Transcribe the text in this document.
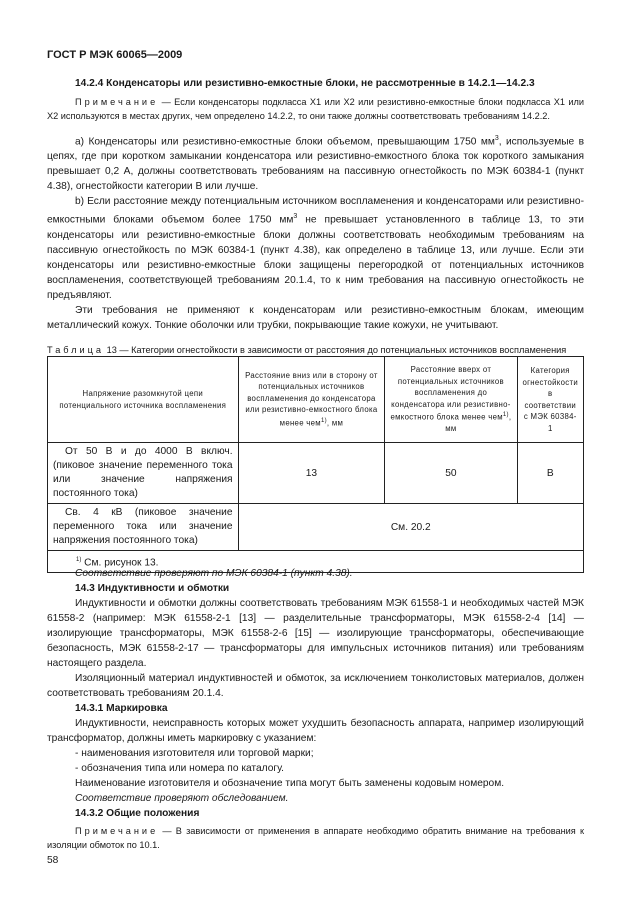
ГОСТ Р МЭК 60065—2009

14.2.4 Конденсаторы или резистивно-емкостные блоки, не рассмотренные в 14.2.1—14.2.3

Примечание — Если конденсаторы подкласса X1 или X2 или резистивно-емкостные блоки подкласса X1 или X2 используются в местах других, чем определено 14.2.2, то они также должны соответствовать требованиям 14.2.2.

а) Конденсаторы или резистивно-емкостные блоки объемом, превышающим 1750 $мм^3$, используемые в цепях, где при коротком замыкании конденсатора или резистивно-емкостного блока ток короткого замыкания превышает 0,2 А, должны соответствовать требованиям на пассивную огнестойкость по МЭК 60384-1 (пункт 4.38), огнестойкости категории В или лучше.

b) Если расстояние между потенциальным источником воспламенения и конденсаторами или резистивно-емкостными блоками объемом более 1750 $мм^3$ не превышает установленного в таблице 13, то эти конденсаторы или резистивно-емкостные блоки должны соответствовать необходимым требованиям на пассивную огнестойкость по МЭК 60384-1 (пункт 4.38), как определено в таблице 13, или лучше. Если эти конденсаторы или резистивно-емкостные блоки защищены перегородкой от потенциальных источников воспламенения, соответствующей требованиям 20.1.4, то к ним требования на пассивную огнестойкость не предъявляют.

Эти требования не применяют к конденсаторам или резистивно-емкостным блокам, имеющим металлический кожух. Тонкие оболочки или трубки, покрывающие такие кожухи, не учитывают.

Таблица 13 — Категории огнестойкости в зависимости от расстояния до потенциальных источников воспламенения

Напряжение разомкнутой цепи потенциального источника воспламенения	Расстояние вниз или в сторону от потенциальных источников воспламенения до конденсатора или резистивно-емкостного блока менее чем$^{1)}$, мм	Расстояние вверх от потенциальных источников воспламенения до конденсатора или резистивно-емкостного блока менее чем$^{1)}$, мм	Категория огнестойкости в соответствии с МЭК 60384-1
От 50 В и до 4000 В включ. (пиковое значение переменного тока или значение напряжения постоянного тока)	13	50	В
Св. 4 кВ (пиковое значение переменного тока или значение напряжения постоянного тока)	См. 20.2		
$^{1)}$ См. рисунок 13.			

Соответствие проверяют по МЭК 60384-1 (пункт 4.38).

14.3 Индуктивности и обмотки

Индуктивности и обмотки должны соответствовать требованиям МЭК 61558-1 и необходимых частей МЭК 61558-2 (например: МЭК 61558-2-1 [13] — разделительные трансформаторы, МЭК 61558-2-4 [14] — изолирующие трансформаторы, МЭК 61558-2-6 [15] — изолирующие трансформаторы, обеспечивающие безопасность, МЭК 61558-2-17 — трансформаторы для импульсных источников питания) или требованиям настоящего раздела.

Изоляционный материал индуктивностей и обмоток, за исключением тонколистовых материалов, должен соответствовать требованиям 20.1.4.

14.3.1 Маркировка

Индуктивности, неисправность которых может ухудшить безопасность аппарата, например изолирующий трансформатор, должны иметь маркировку с указанием:

- наименования изготовителя или торговой марки;

- обозначения типа или номера по каталогу.

Наименование изготовителя и обозначение типа могут быть заменены кодовым номером.

Соответствие проверяют обследованием.

14.3.2 Общие положения

Примечание — В зависимости от применения в аппарате необходимо обратить внимание на требования к изоляции обмоток по 10.1.

58
